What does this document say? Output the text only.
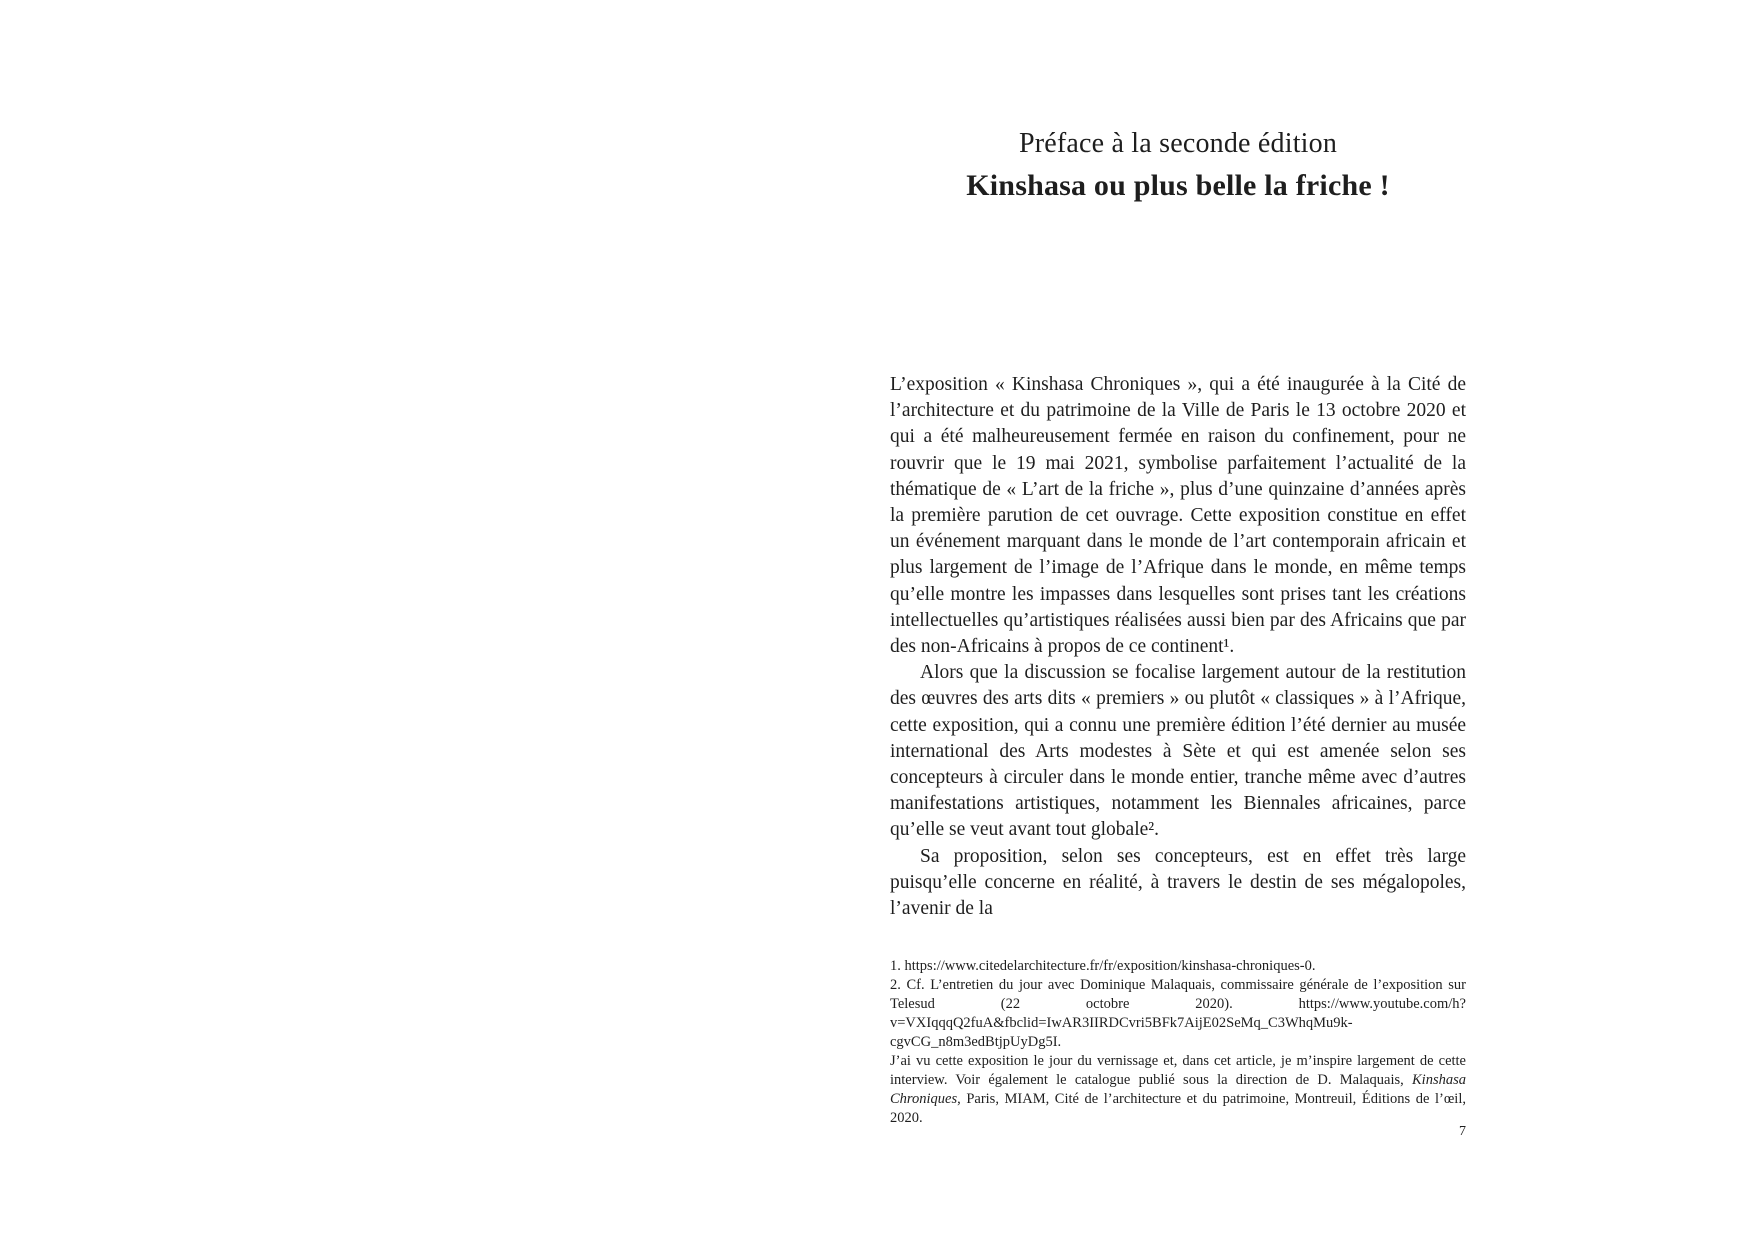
Préface à la seconde édition
Kinshasa ou plus belle la friche !

L’exposition « Kinshasa Chroniques », qui a été inaugurée à la Cité de l’architecture et du patrimoine de la Ville de Paris le 13 octobre 2020 et qui a été malheureusement fermée en raison du confinement, pour ne rouvrir que le 19 mai 2021, symbolise parfaitement l’actualité de la thématique de « L’art de la friche », plus d’une quinzaine d’années après la première parution de cet ouvrage. Cette exposition constitue en effet un événement marquant dans le monde de l’art contemporain africain et plus largement de l’image de l’Afrique dans le monde, en même temps qu’elle montre les impasses dans lesquelles sont prises tant les créations intellectuelles qu’artistiques réalisées aussi bien par des Africains que par des non-Africains à propos de ce continent¹.

Alors que la discussion se focalise largement autour de la restitution des œuvres des arts dits « premiers » ou plutôt « classiques » à l’Afrique, cette exposition, qui a connu une première édition l’été dernier au musée international des Arts modestes à Sète et qui est amenée selon ses concepteurs à circuler dans le monde entier, tranche même avec d’autres manifestations artistiques, notamment les Biennales africaines, parce qu’elle se veut avant tout globale².

Sa proposition, selon ses concepteurs, est en effet très large puisqu’elle concerne en réalité, à travers le destin de ses mégalopoles, l’avenir de la

1. https://www.citedelarchitecture.fr/fr/exposition/kinshasa-chroniques-0.

2. Cf. L’entretien du jour avec Dominique Malaquais, commissaire générale de l’exposition sur Telesud (22 octobre 2020). https://www.youtube.com/h?v=VXIqqqQ2fuA&fbclid=IwAR3IIRDCvri5BFk7AijE02SeMq_C3WhqMu9k-cgvCG_n8m3edBtjpUyDg5I.

J’ai vu cette exposition le jour du vernissage et, dans cet article, je m’inspire largement de cette interview. Voir également le catalogue publié sous la direction de D. Malaquais, Kinshasa Chroniques, Paris, MIAM, Cité de l’architecture et du patrimoine, Montreuil, Éditions de l’œil, 2020.

7
